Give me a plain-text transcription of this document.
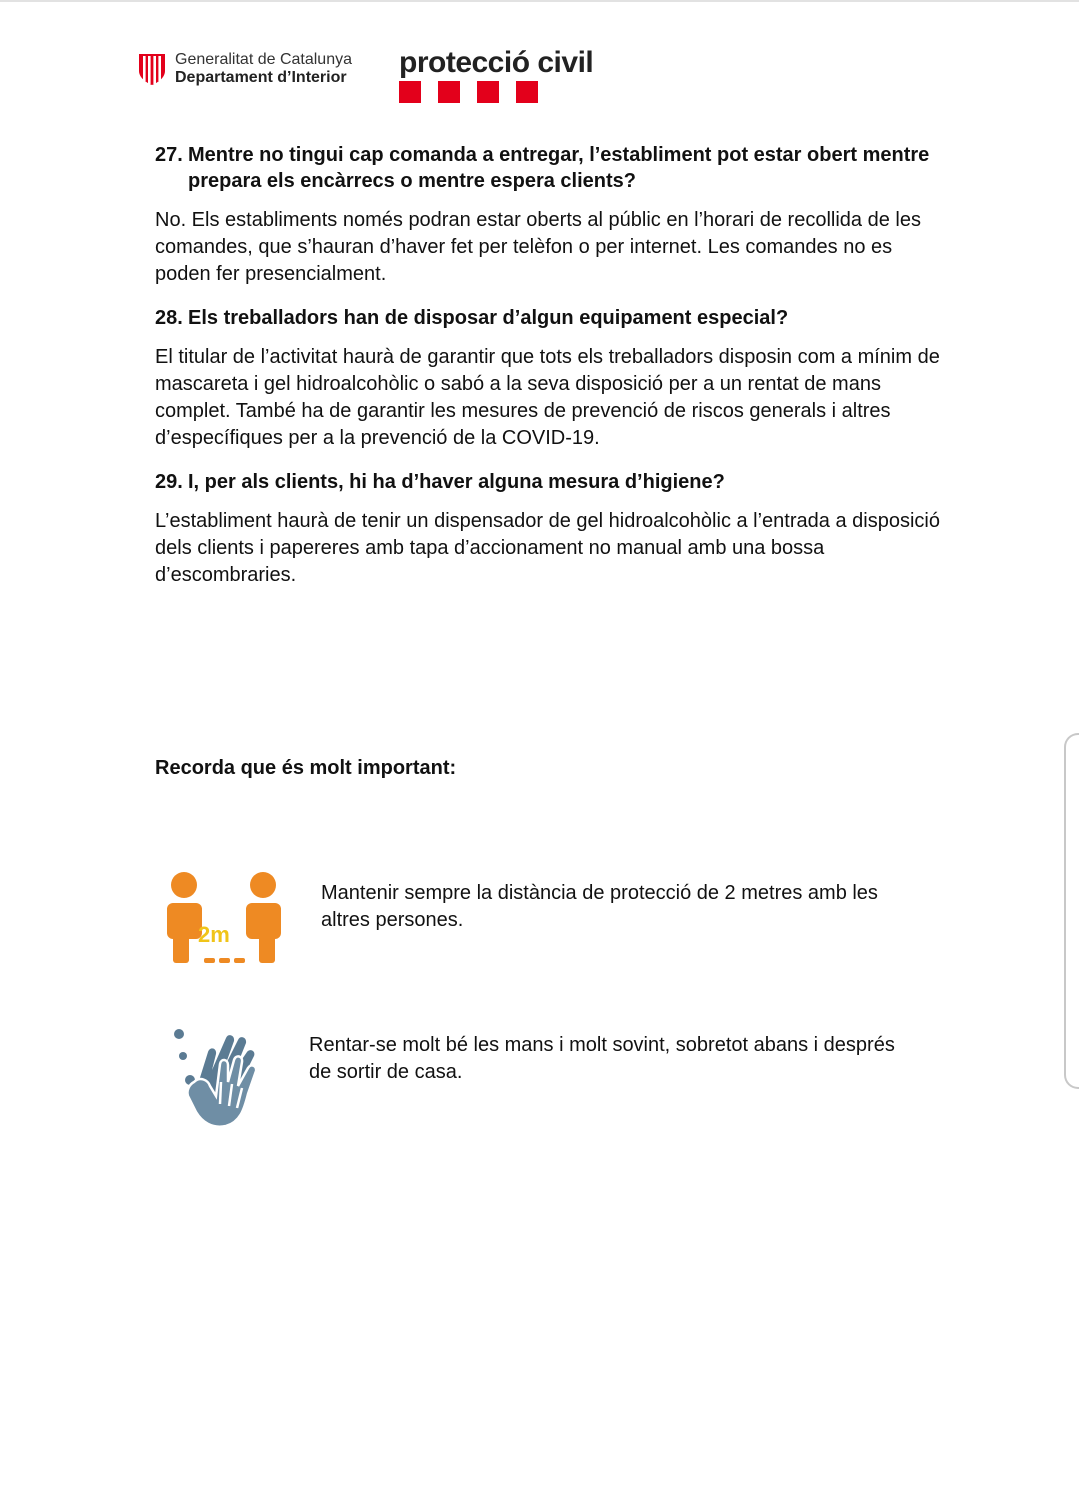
Generalitat de Catalunya
Departament d’Interior protecció civil
27. Mentre no tingui cap comanda a entregar, l’establiment pot estar obert mentre prepara els encàrrecs o mentre espera clients?
No. Els establiments només podran estar oberts al públic en l’horari de recollida de les comandes, que s’hauran d’haver fet per telèfon o per internet. Les comandes no es poden fer presencialment.
28. Els treballadors han de disposar d’algun equipament especial?
El titular de l’activitat haurà de garantir que tots els treballadors disposin com a mínim de mascareta i gel hidroalcohòlic o sabó a la seva disposició per a un rentat de mans complet. També ha de garantir les mesures de prevenció de riscos generals i altres d’específiques per a la prevenció de la COVID-19.
29. I, per als clients, hi ha d’haver alguna mesura d’higiene?
L’establiment haurà de tenir un dispensador de gel hidroalcohòlic a l’entrada a disposició dels clients i papereres amb tapa d’accionament no manual amb una bossa d’escombraries.
Recorda que és molt important:
2m
Mantenir sempre la distància de protecció de 2 metres amb les altres persones.
Rentar-se molt bé les mans i molt sovint, sobretot abans i després de sortir de casa.
